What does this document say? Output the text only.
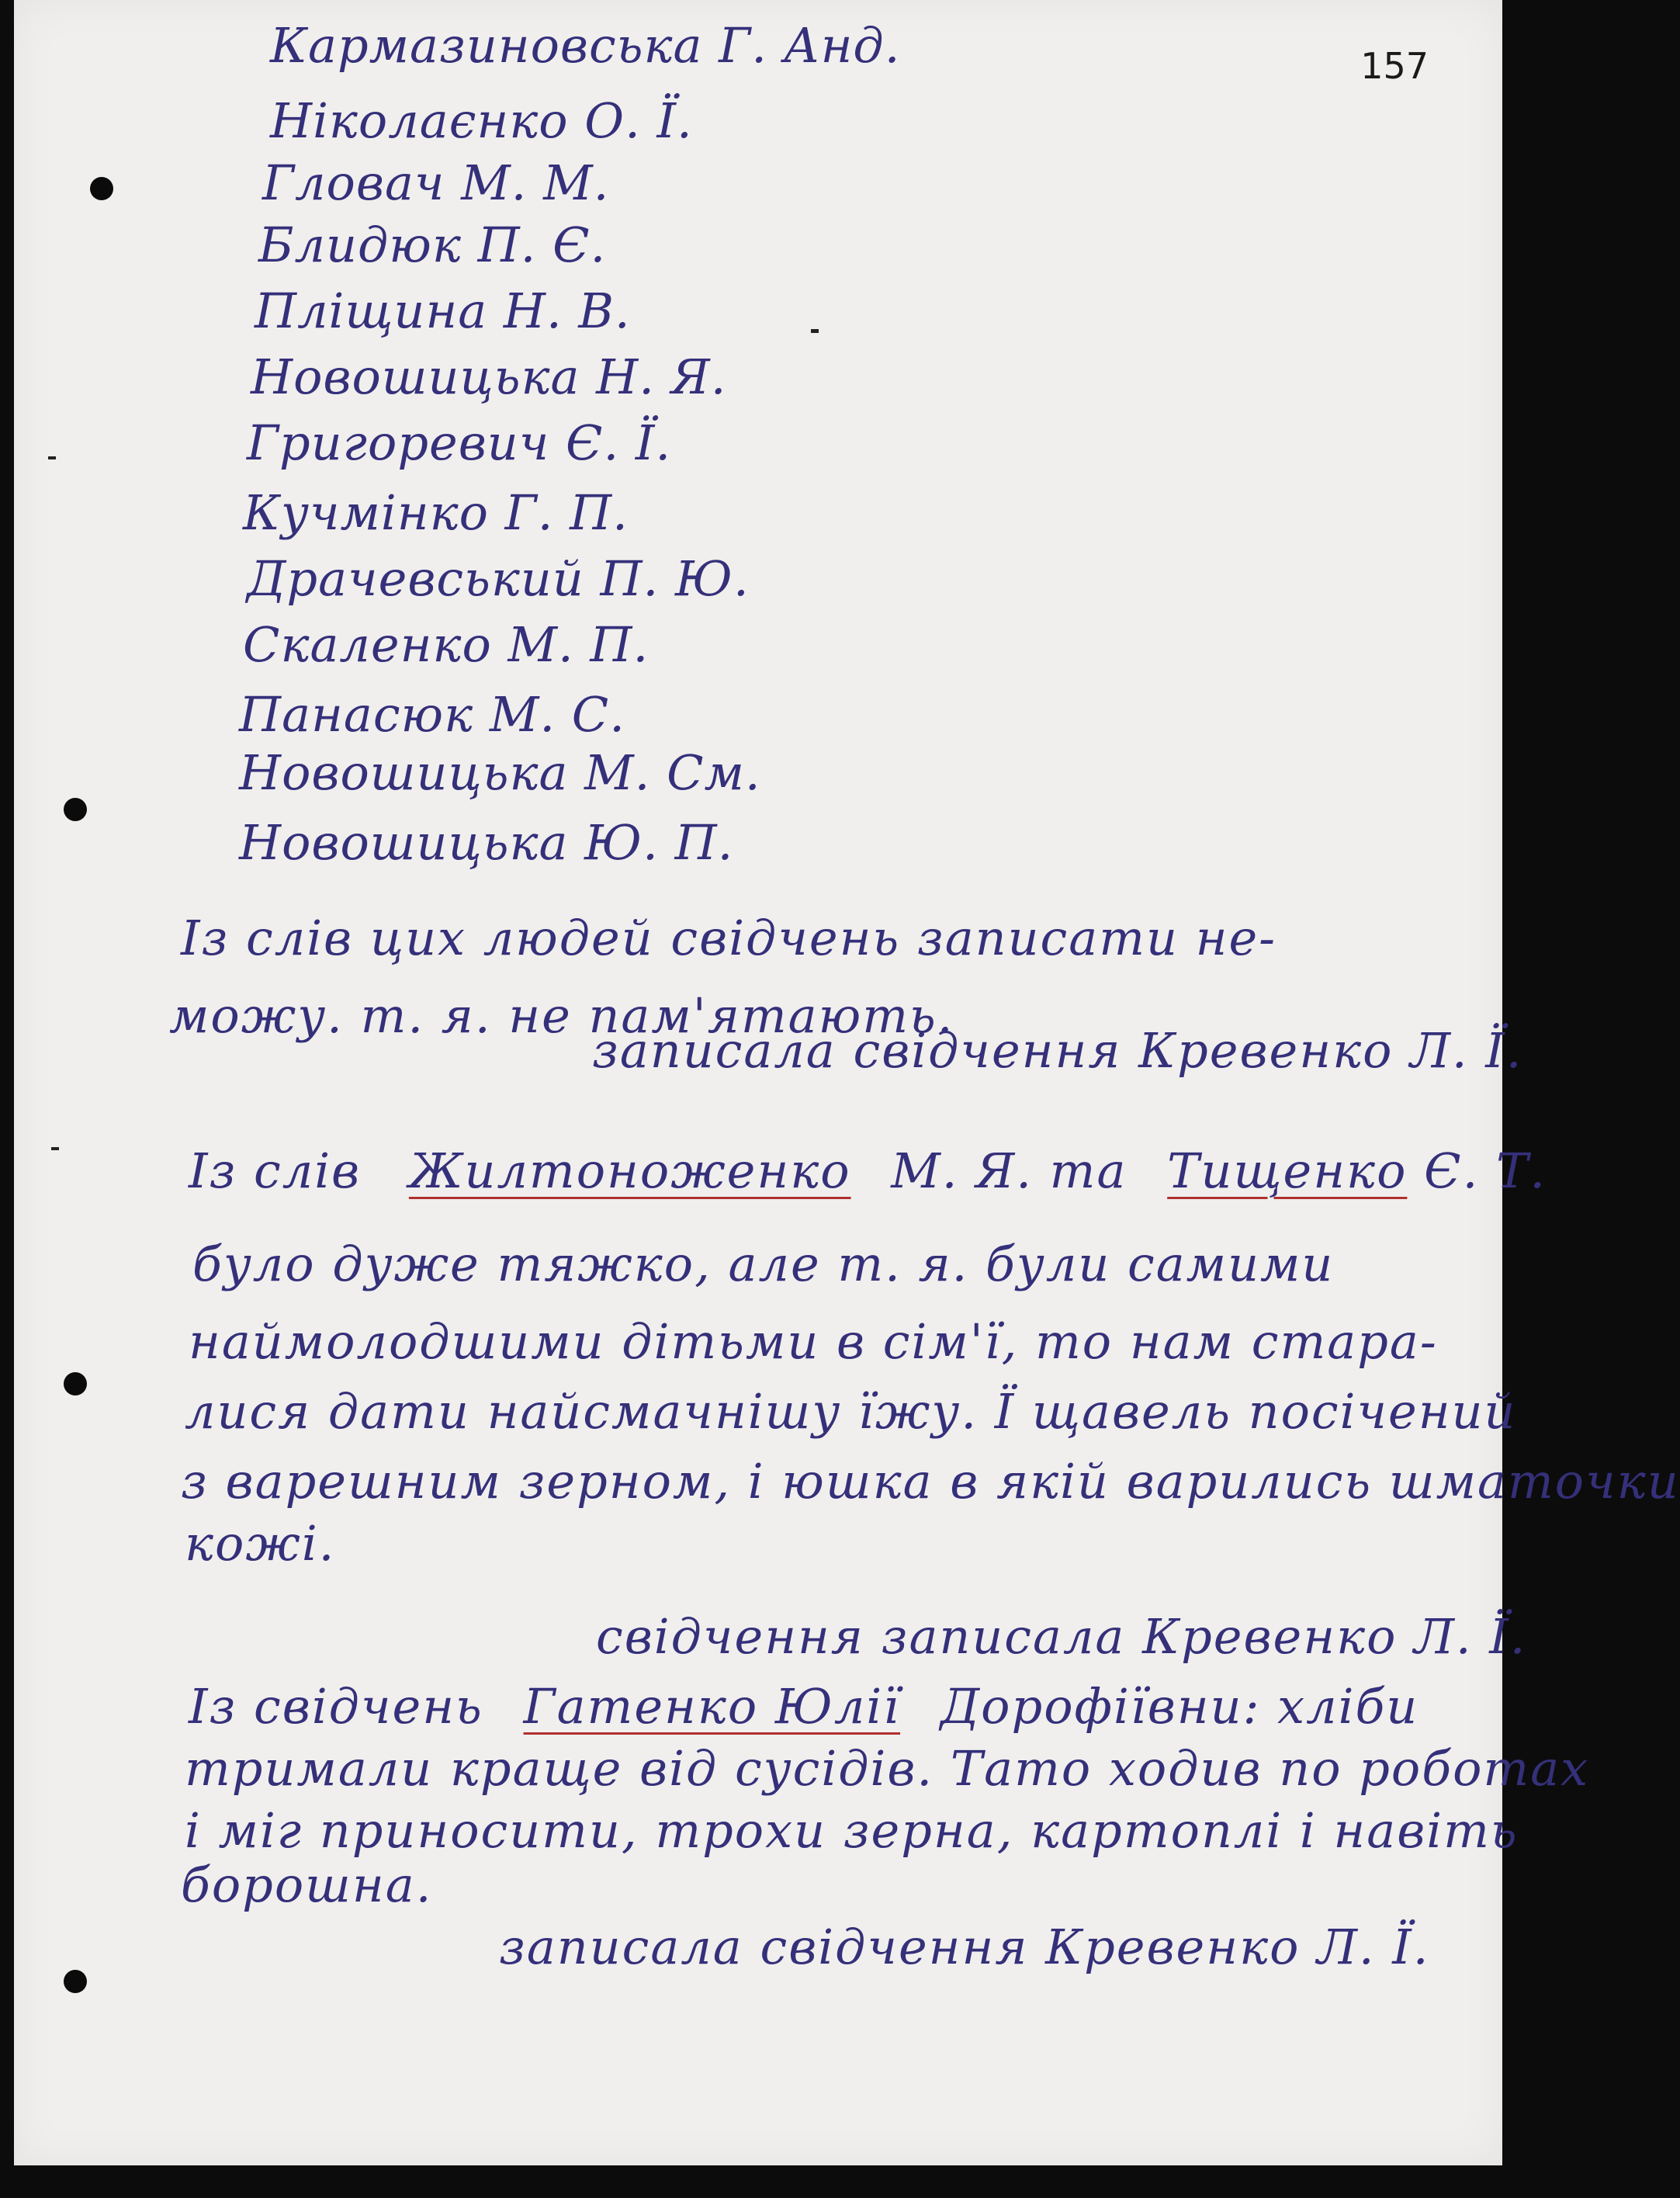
157
Кармазиновська Г. Анд.
Ніколаєнко О. Ї.
Гловач М. М.
Блидюк П. Є.
Пліщина Н. В.
Новошицька Н. Я.
Григоревич Є. Ї.
Кучмінко Г. П.
Драчевський П. Ю.
Скаленко М. П.
Панасюк М. С.
Новошицька М. См.
Новошицька Ю. П.
Із слів цих людей свідчень записати не-
можу. т. я. не пам'ятають.
записала свідчення Кревенко Л. Ї.
Із слів Жилтоноженко М. Я. та Тищенко Є. Т.
було дуже тяжко, але т. я. були самими
наймолодшими дітьми в сім'ї, то нам стара-
лися дати найсмачнішу їжу. Ї щавель посічений
з варешним зерном, і юшка в якій варились шматочки
кожі.
свідчення записала Кревенко Л. Ї.
Із свідчень Гатенко Юлії Дорофіївни: хліби
тримали краще від сусідів. Тато ходив по роботах
і міг приносити, трохи зерна, картоплі і навіть
борошна.
записала свідчення Кревенко Л. Ї.
